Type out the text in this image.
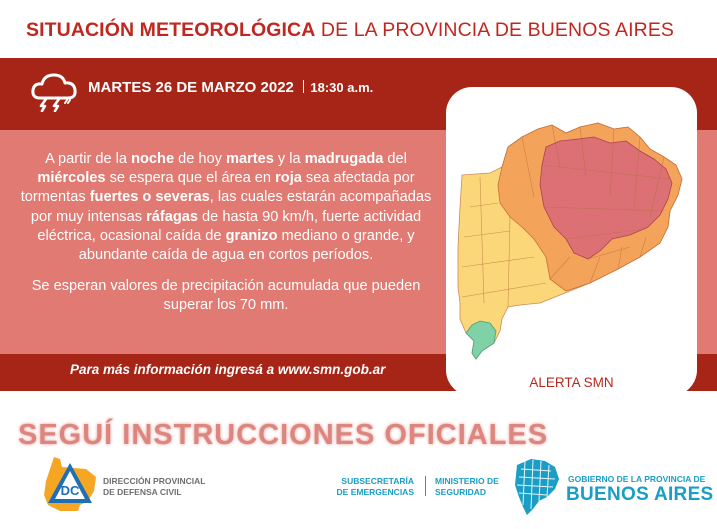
SITUACIÓN METEOROLÓGICA DE LA PROVINCIA DE BUENOS AIRES
MARTES 26 DE MARZO 2022 18:30 a.m.
A partir de la noche de hoy martes y la madrugada del miércoles se espera que el área en roja sea afectada por tormentas fuertes o severas, las cuales estarán acompañadas por muy intensas ráfagas de hasta 90 km/h, fuerte actividad eléctrica, ocasional caída de granizo mediano o grande, y abundante caída de agua en cortos períodos.
Se esperan valores de precipitación acumulada que pueden superar los 70 mm.
Para más información ingresá a www.smn.gob.ar
ALERTA SMN
SEGUÍ INSTRUCCIONES OFICIALES
DC
DIRECCIÓN PROVINCIAL
DE DEFENSA CIVIL
SUBSECRETARÍA
DE EMERGENCIAS
MINISTERIO DE
SEGURIDAD
GOBIERNO DE LA PROVINCIA DE
BUENOS AIRES
